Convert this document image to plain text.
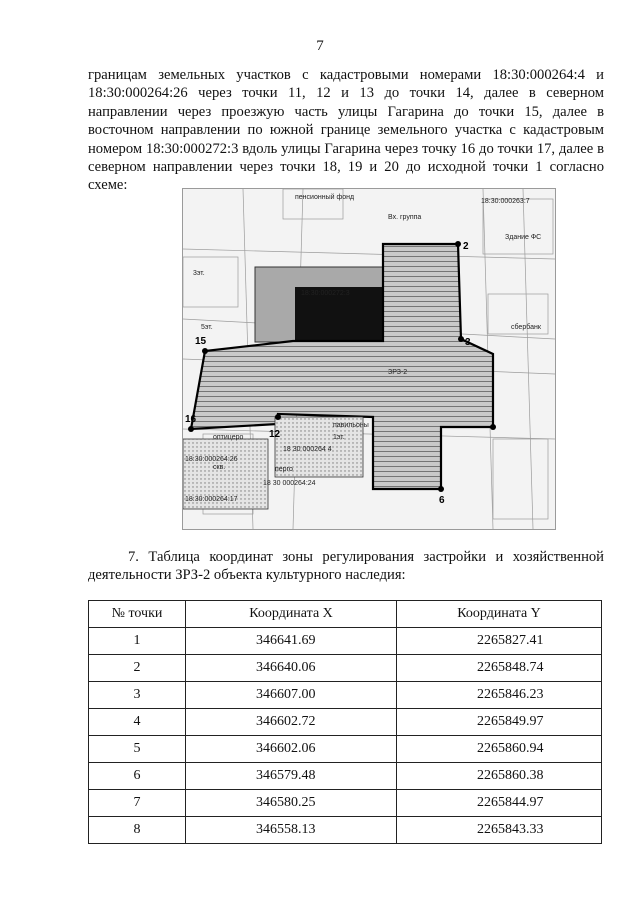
7
границам земельных участков с кадастровыми номерами 18:30:000264:4 и 18:30:000264:26 через точки 11, 12 и 13 до точки 14, далее в северном направлении через проезжую часть улицы Гагарина до точки 15, далее в восточном направлении по южной границе земельного участка с кадастровым номером 18:30:000272:3 вдоль улицы Гагарина через точку 16 до точки 17, далее в северном направлении через точки 18, 19 и 20 до исходной точки 1 согласно схеме:
пенсионный фонд
18:30:000263:7
Здание ФС
Вх. группа
18:30:000272:3
сбербанк
3эт.
5эт.
1эт.
18 30 000264 4
18:30:000264:26
18 30 000264:24
18:30:000264:17
павильоны
перго
оптицеро
скв.
ЗРЗ-2
2
3
6
12
15
16
7. Таблица координат зоны регулирования застройки и хозяйственной деятельности ЗРЗ-2 объекта культурного наследия:
№ точки	Координата X	Координата Y
1	346641.69	2265827.41
2	346640.06	2265848.74
3	346607.00	2265846.23
4	346602.72	2265849.97
5	346602.06	2265860.94
6	346579.48	2265860.38
7	346580.25	2265844.97
8	346558.13	2265843.33
